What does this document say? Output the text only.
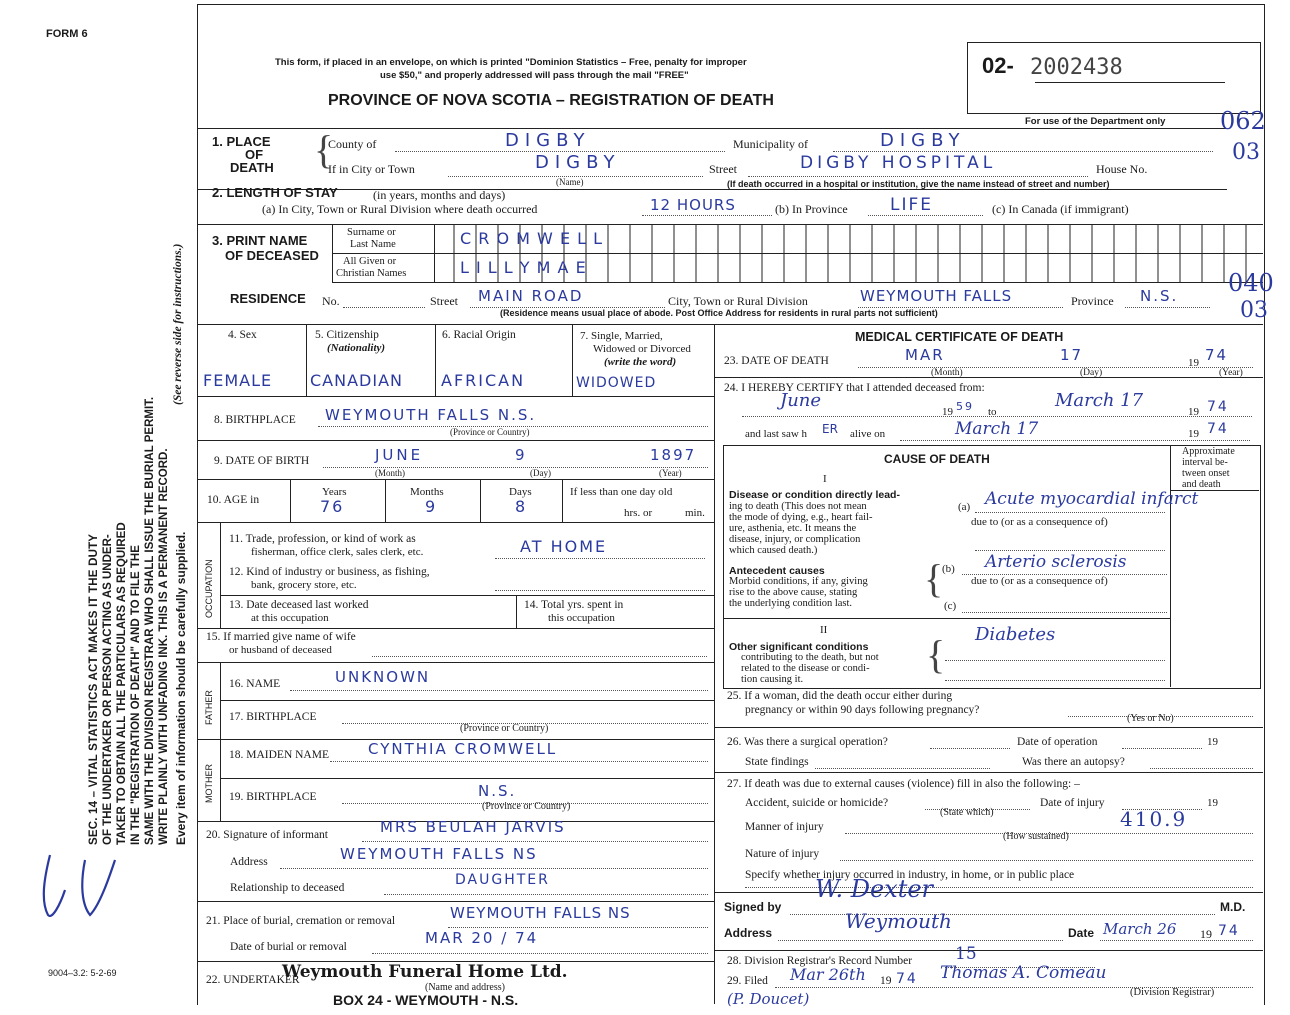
FORM 6
SEC. 14 – VITAL STATISTICS ACT MAKES IT THE DUTY OF THE UNDERTAKER OR PERSON ACTING AS UNDER- TAKER TO OBTAIN ALL THE PARTICULARS AS REQUIRED IN THE "REGISTRATION OF DEATH" AND TO FILE THE SAME WITH THE DIVISION REGISTRAR WHO SHALL ISSUE THE BURIAL PERMIT. WRITE PLAINLY WITH UNFADING INK. THIS IS A PERMANENT RECORD.
(See reverse side for instructions.)
Every item of information should be carefully supplied.
9004–3.2: 5-2-69
This form, if placed in an envelope, on which is printed "Dominion Statistics – Free, penalty for improper
use $50," and properly addressed will pass through the mail "FREE"
PROVINCE OF NOVA SCOTIA – REGISTRATION OF DEATH
02- 2002438
For use of the Department only
1. PLACE
OF
DEATH {
County of	DIGBY	Municipality of	DIGBY
062
If in City or Town	DIGBY
(Name)
Street	DIGBY HOSPITAL	House No.
03
(If death occurred in a hospital or institution, give the name instead of street and number)
2. LENGTH OF STAY	(in years, months and days)
(a) In City, Town or Rural Division where death occurred	12 HOURS	(b) In Province LIFE	(c) In Canada (if immigrant)
3. PRINT NAME
OF DECEASED
Surname or
Last Name
All Given or
Christian Names
C R O M W E L L
L I L L Y M A E
RESIDENCE No.	Street MAIN ROAD	City, Town or Rural Division	WEYMOUTH FALLS	Province N.S. 040
03
(Residence means usual place of abode. Post Office Address for residents in rural parts not sufficient)
4. Sex	5. Citizenship
(Nationality)
6. Racial Origin	7. Single, Married,
Widowed or Divorced
(write the word)
FEMALE CANADIAN AFRICAN	WIDOWED
8. BIRTHPLACE WEYMOUTH FALLS N.S.
(Province or Country)
9. DATE OF BIRTH	JUNE	9	1897
(Month)	(Day)	(Year)
10. AGE in
Years	Months	Days	If less than one day old
76	9	8	hrs. or	min.
OCCUPATION
11. Trade, profession, or kind of work as
fisherman, office clerk, sales clerk, etc.	AT HOME
12. Kind of industry or business, as fishing,
bank, grocery store, etc.
13. Date deceased last worked
at this occupation
14. Total yrs. spent in
this occupation
15. If married give name of wife
or husband of deceased
FATHER
16. NAME	UNKNOWN
17. BIRTHPLACE
(Province or Country)
MOTHER
18. MAIDEN NAME	CYNTHIA CROMWELL
19. BIRTHPLACE	N.S.
(Province or Country)
20. Signature of informant	MRS BEULAH JARVIS
Address	WEYMOUTH FALLS NS
Relationship to deceased	DAUGHTER
21. Place of burial, cremation or removal	WEYMOUTH FALLS NS
Date of burial or removal	MAR 20 / 74
22. UNDERTAKER
Weymouth Funeral Home Ltd.
(Name and address)
BOX 24 - WEYMOUTH - N.S.
MEDICAL CERTIFICATE OF DEATH
23. DATE OF DEATH	MAR	17	19 74
(Month)	(Day)	(Year)
24. I HEREBY CERTIFY that I attended deceased from:
June
19 59 to
March 17
19 74
and last saw h ER alive on	March 17	19 74
CAUSE OF DEATH
Approximate
interval be-
tween onset
and death
I
Disease or condition directly lead-
ing to death (This does not mean
the mode of dying, e.g., heart fail-
ure, asthenia, etc. It means the
disease, injury, or complication
which caused death.)
(a) Acute myocardial infarct
due to (or as a consequence of)
Antecedent causes
Morbid conditions, if any, giving
rise to the above cause, stating
the underlying condition last.
{
(b) Arterio sclerosis
due to (or as a consequence of)
(c)
II
Other significant conditions
contributing to the death, but not
related to the disease or condi-
tion causing it.
{ Diabetes
25. If a woman, did the death occur either during
pregnancy or within 90 days following pregnancy?
(Yes or No)
26. Was there a surgical operation?	Date of operation	19
State findings	Was there an autopsy?
27. If death was due to external causes (violence) fill in also the following: –
Accident, suicide or homicide?
(State which)
Date of injury	19
Manner of injury	410.9
(How sustained)
Nature of injury
Specify whether injury occurred in industry, in home, or in public place
Signed by
W. Dexter
M.D.
Address	Weymouth	Date March 26 19 74
28. Division Registrar's Record Number	15
29. Filed Mar 26th 19 74 Thomas A. Comeau
(Division Registrar)
(P. Doucet)
